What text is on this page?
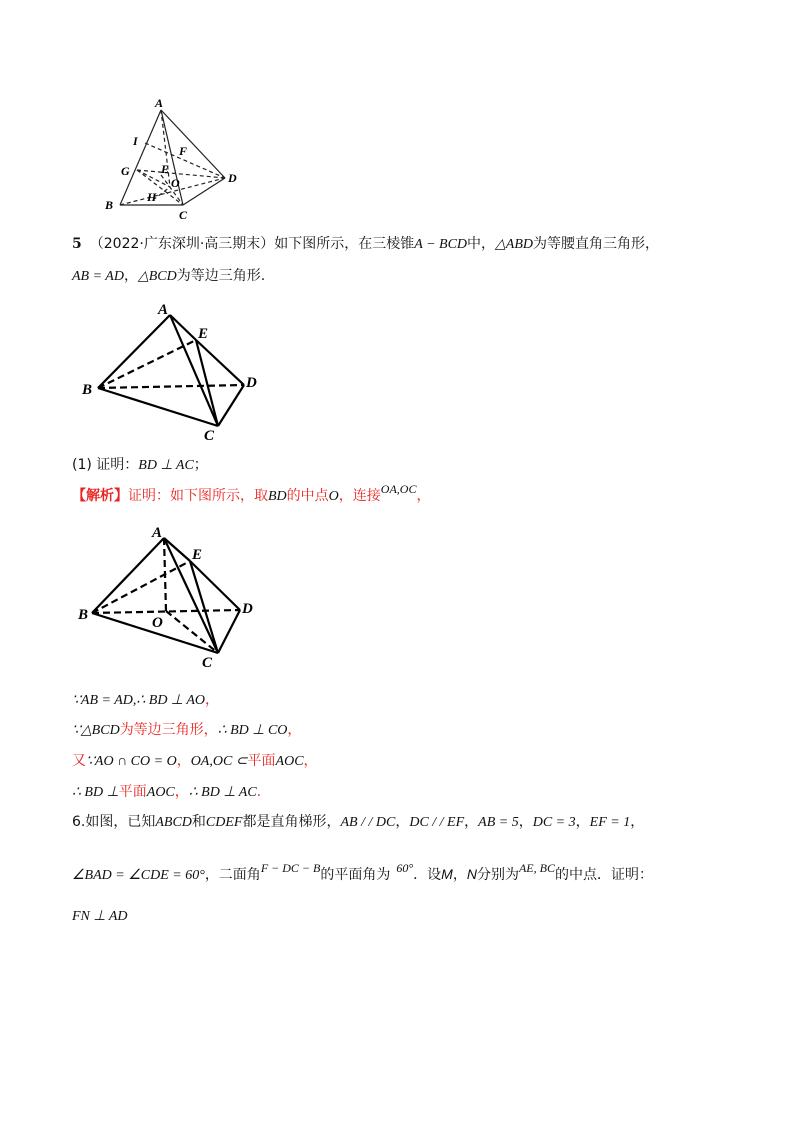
A
I
F
G	E
O	D
B
H
C
5 （2022·广东深圳·高三期末）如下图所示，在三棱锥A − BCD中，△ABD为等腰直角三角形，
AB = AD，△BCD为等边三角形.
A
E
B	D
C
(1) 证明：BD ⊥ AC；
【解析】证明：如下图所示，取BD的中点O，连接OA,OC，
A
E
B	D
O
C
∵AB = AD,∴ BD ⊥ AO，
∵△BCD为等边三角形，∴ BD ⊥ CO，
又∵AO ∩ CO = O，OA,OC ⊂平面AOC，
∴ BD ⊥平面AOC，∴ BD ⊥ AC.
6.如图，已知ABCD和CDEF都是直角梯形，AB / / DC，DC / / EF，AB = 5，DC = 3，EF = 1，
∠BAD = ∠CDE = 60°，二面角F − DC − B的平面角为 60°．设M，N分别为AE, BC的中点．证明：
FN ⊥ AD
